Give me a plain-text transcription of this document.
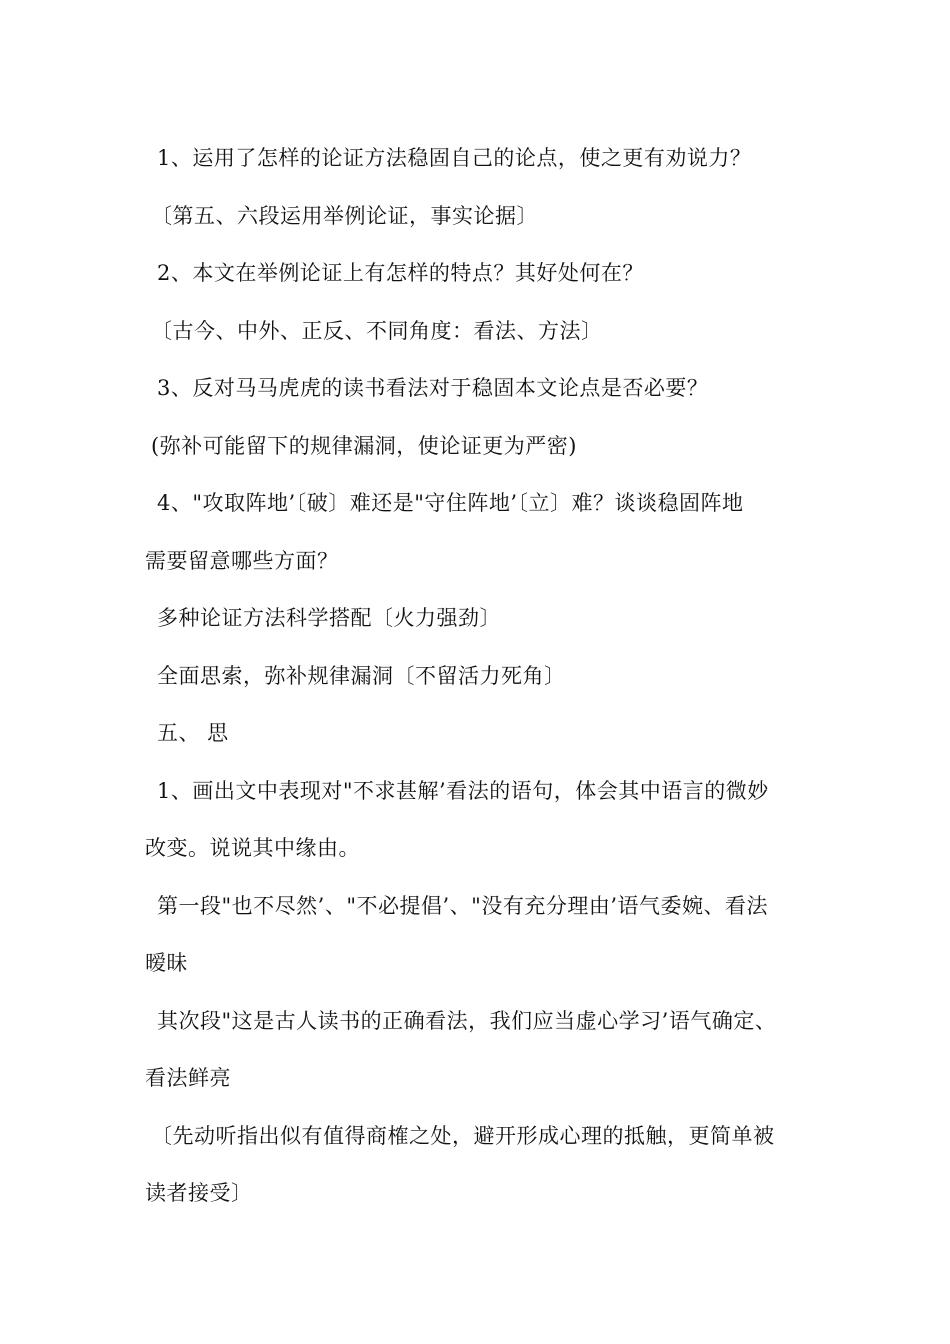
1、运用了怎样的论证方法稳固自己的论点，使之更有劝说力？
〔第五、六段运用举例论证，事实论据〕
2、本文在举例论证上有怎样的特点？其好处何在？
〔古今、中外、正反、不同角度：看法、方法〕
3、反对马马虎虎的读书看法对于稳固本文论点是否必要？
(弥补可能留下的规律漏洞，使论证更为严密)
4、"攻取阵地’〔破〕难还是"守住阵地’〔立〕难？谈谈稳固阵地
需要留意哪些方面？
多种论证方法科学搭配〔火力强劲〕
全面思索，弥补规律漏洞〔不留活力死角〕
五、 思
1、画出文中表现对"不求甚解’看法的语句，体会其中语言的微妙
改变。说说其中缘由。
第一段"也不尽然’、"不必提倡’、"没有充分理由’语气委婉、看法
暧昧
其次段"这是古人读书的正确看法，我们应当虚心学习’语气确定、
看法鲜亮
〔先动听指出似有值得商榷之处，避开形成心理的抵触，更简单被
读者接受〕
